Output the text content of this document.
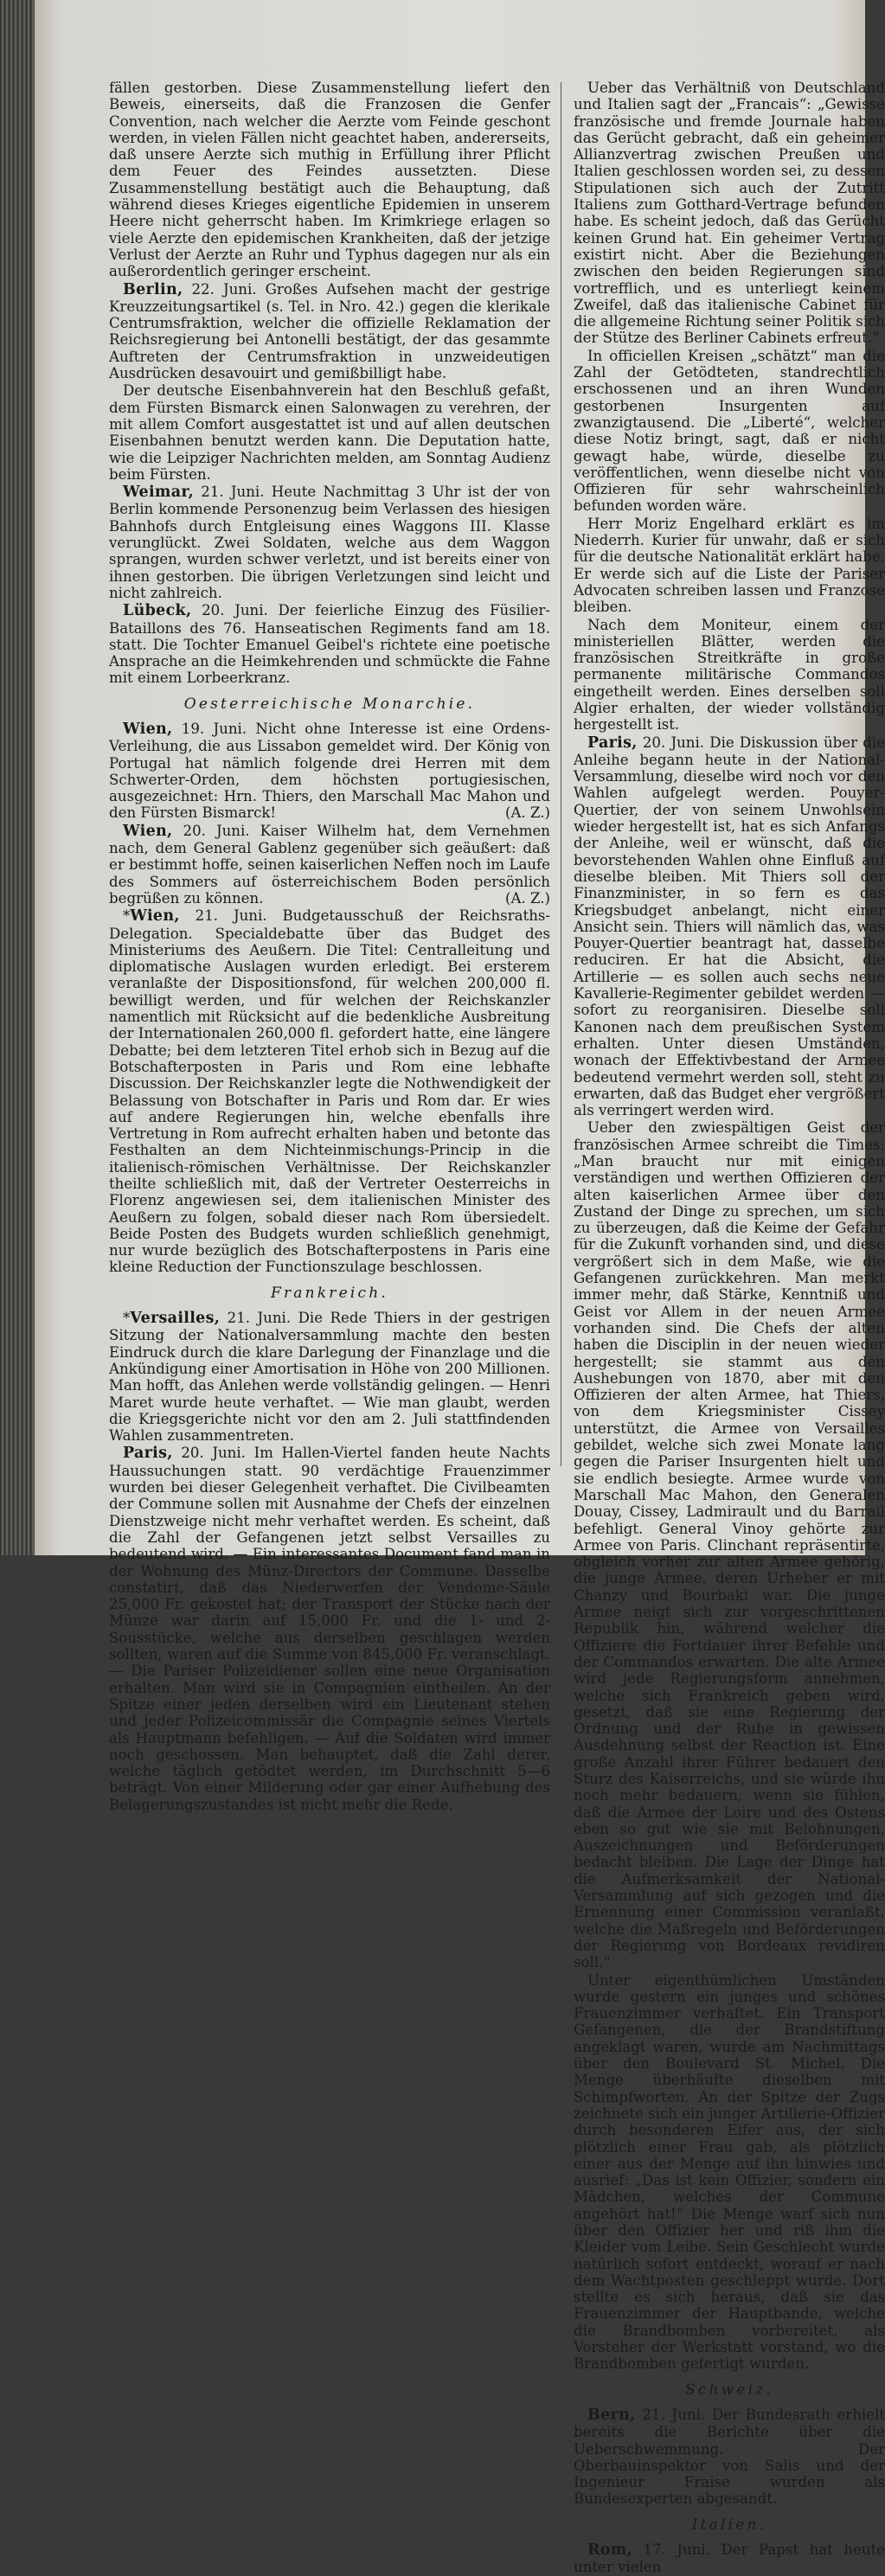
fällen gestorben. Diese Zusammenstellung liefert den Beweis, einerseits, daß die Franzosen die Genfer Convention, nach welcher die Aerzte vom Feinde geschont werden, in vielen Fällen nicht geachtet haben, andererseits, daß unsere Aerzte sich muthig in Erfüllung ihrer Pflicht dem Feuer des Feindes aussetzten. Diese Zusammenstellung bestätigt auch die Behauptung, daß während dieses Krieges eigentliche Epidemien in unserem Heere nicht geherrscht haben. Im Krimkriege erlagen so viele Aerzte den epidemischen Krankheiten, daß der jetzige Verlust der Aerzte an Ruhr und Typhus dagegen nur als ein außerordentlich geringer erscheint.

Berlin, 22. Juni. Großes Aufsehen macht der gestrige Kreuzzeitungsartikel (s. Tel. in Nro. 42.) gegen die klerikale Centrumsfraktion, welcher die offizielle Reklamation der Reichsregierung bei Antonelli bestätigt, der das gesammte Auftreten der Centrumsfraktion in unzweideutigen Ausdrücken desavouirt und gemißbilligt habe.

Der deutsche Eisenbahnverein hat den Beschluß gefaßt, dem Fürsten Bismarck einen Salonwagen zu verehren, der mit allem Comfort ausgestattet ist und auf allen deutschen Eisenbahnen benutzt werden kann. Die Deputation hatte, wie die Leipziger Nachrichten melden, am Sonntag Audienz beim Fürsten.

Weimar, 21. Juni. Heute Nachmittag 3 Uhr ist der von Berlin kommende Personenzug beim Verlassen des hiesigen Bahnhofs durch Entgleisung eines Waggons III. Klasse verunglückt. Zwei Soldaten, welche aus dem Waggon sprangen, wurden schwer verletzt, und ist bereits einer von ihnen gestorben. Die übrigen Verletzungen sind leicht und nicht zahlreich.

Lübeck, 20. Juni. Der feierliche Einzug des Füsilier-Bataillons des 76. Hanseatischen Regiments fand am 18. statt. Die Tochter Emanuel Geibel's richtete eine poetische Ansprache an die Heimkehrenden und schmückte die Fahne mit einem Lorbeerkranz.

Oesterreichische Monarchie.

Wien, 19. Juni. Nicht ohne Interesse ist eine Ordens-Verleihung, die aus Lissabon gemeldet wird. Der König von Portugal hat nämlich folgende drei Herren mit dem Schwerter-Orden, dem höchsten portugiesischen, ausgezeichnet: Hrn. Thiers, den Marschall Mac Mahon und den Fürsten Bismarck!	(A. Z.)

Wien, 20. Juni. Kaiser Wilhelm hat, dem Vernehmen nach, dem General Gablenz gegenüber sich geäußert: daß er bestimmt hoffe, seinen kaiserlichen Neffen noch im Laufe des Sommers auf österreichischem Boden persönlich begrüßen zu können.	(A. Z.)

*Wien, 21. Juni. Budgetausschuß der Reichsraths-Delegation. Specialdebatte über das Budget des Ministeriums des Aeußern. Die Titel: Centralleitung und diplomatische Auslagen wurden erledigt. Bei ersterem veranlaßte der Dispositionsfond, für welchen 200,000 fl. bewilligt werden, und für welchen der Reichskanzler namentlich mit Rücksicht auf die bedenkliche Ausbreitung der Internationalen 260,000 fl. gefordert hatte, eine längere Debatte; bei dem letzteren Titel erhob sich in Bezug auf die Botschafterposten in Paris und Rom eine lebhafte Discussion. Der Reichskanzler legte die Nothwendigkeit der Belassung von Botschafter in Paris und Rom dar. Er wies auf andere Regierungen hin, welche ebenfalls ihre Vertretung in Rom aufrecht erhalten haben und betonte das Festhalten an dem Nichteinmischungs-Princip in die italienisch-römischen Verhältnisse. Der Reichskanzler theilte schließlich mit, daß der Vertreter Oesterreichs in Florenz angewiesen sei, dem italienischen Minister des Aeußern zu folgen, sobald dieser nach Rom übersiedelt. Beide Posten des Budgets wurden schließlich genehmigt, nur wurde bezüglich des Botschafterpostens in Paris eine kleine Reduction der Functionszulage beschlossen.

Frankreich.

*Versailles, 21. Juni. Die Rede Thiers in der gestrigen Sitzung der Nationalversammlung machte den besten Eindruck durch die klare Darlegung der Finanzlage und die Ankündigung einer Amortisation in Höhe von 200 Millionen. Man hofft, das Anlehen werde vollständig gelingen. — Henri Maret wurde heute verhaftet. — Wie man glaubt, werden die Kriegsgerichte nicht vor den am 2. Juli stattfindenden Wahlen zusammentreten.

Paris, 20. Juni. Im Hallen-Viertel fanden heute Nachts Haussuchungen statt. 90 verdächtige Frauenzimmer wurden bei dieser Gelegenheit verhaftet. Die Civilbeamten der Commune sollen mit Ausnahme der Chefs der einzelnen Dienstzweige nicht mehr verhaftet werden. Es scheint, daß die Zahl der Gefangenen jetzt selbst Versailles zu bedeutend wird. — Ein interessantes Document fand man in der Wohnung des Münz-Directors der Commune. Dasselbe constatirt, daß das Niederwerfen der Vendome-Säule 25,000 Fr. gekostet hat; der Transport der Stücke nach der Münze war darin auf 15,000 Fr. und die 1- und 2-Sousstücke, welche aus derselben geschlagen werden sollten, waren auf die Summe von 845,000 Fr. veranschlagt. — Die Pariser Polizeidiener sollen eine neue Organisation erhalten. Man wird sie in Compagnien eintheilen. An der Spitze einer jeden derselben wird ein Lieutenant stehen und jeder Polizeicommissär die Compagnie seines Viertels als Hauptmann befehligen. — Auf die Soldaten wird immer noch geschossen. Man behauptet, daß die Zahl derer, welche täglich getödtet werden, im Durchschnitt 5—6 beträgt. Von einer Milderung oder gar einer Aufhebung des Belagerungszustandes ist nicht mehr die Rede.

Ueber das Verhältniß von Deutschland und Italien sagt der „Francais“: „Gewisse französische und fremde Journale haben das Gerücht gebracht, daß ein geheimer Allianzvertrag zwischen Preußen und Italien geschlossen worden sei, zu dessen Stipulationen sich auch der Zutritt Italiens zum Gotthard-Vertrage befunden habe. Es scheint jedoch, daß das Gerücht keinen Grund hat. Ein geheimer Vertrag existirt nicht. Aber die Beziehungen zwischen den beiden Regierungen sind vortrefflich, und es unterliegt keinem Zweifel, daß das italienische Cabinet für die allgemeine Richtung seiner Politik sich der Stütze des Berliner Cabinets erfreut.“

In officiellen Kreisen „schätzt“ man die Zahl der Getödteten, standrechtlich erschossenen und an ihren Wunden gestorbenen Insurgenten auf zwanzigtausend. Die „Liberté“, welcher diese Notiz bringt, sagt, daß er nicht gewagt habe, würde, dieselbe zu veröffentlichen, wenn dieselbe nicht von Offizieren für sehr wahrscheinlich befunden worden wäre.

Herr Moriz Engelhard erklärt es im Niederrh. Kurier für unwahr, daß er sich für die deutsche Nationalität erklärt habe. Er werde sich auf die Liste der Pariser Advocaten schreiben lassen und Franzose bleiben.

Nach dem Moniteur, einem der ministeriellen Blätter, werden die französischen Streitkräfte in große permanente militärische Commandos eingetheilt werden. Eines derselben soll Algier erhalten, der wieder vollständig hergestellt ist.

Paris, 20. Juni. Die Diskussion über die Anleihe begann heute in der National-Versammlung, dieselbe wird noch vor den Wahlen aufgelegt werden. Pouyer-Quertier, der von seinem Unwohlsein wieder hergestellt ist, hat es sich Anfangs der Anleihe, weil er wünscht, daß die bevorstehenden Wahlen ohne Einfluß auf dieselbe bleiben. Mit Thiers soll der Finanzminister, in so fern es das Kriegsbudget anbelangt, nicht einer Ansicht sein. Thiers will nämlich das, was Pouyer-Quertier beantragt hat, dasselbe reduciren. Er hat die Absicht, die Artillerie — es sollen auch sechs neue Kavallerie-Regimenter gebildet werden — sofort zu reorganisiren. Dieselbe soll Kanonen nach dem preußischen System erhalten. Unter diesen Umständen, wonach der Effektivbestand der Armee bedeutend vermehrt werden soll, steht zu erwarten, daß das Budget eher vergrößert als verringert werden wird.

Ueber den zwiespältigen Geist der französischen Armee schreibt die Times: „Man braucht nur mit einigen verständigen und werthen Offizieren der alten kaiserlichen Armee über den Zustand der Dinge zu sprechen, um sich zu überzeugen, daß die Keime der Gefahr für die Zukunft vorhanden sind, und diese vergrößert sich in dem Maße, wie die Gefangenen zurückkehren. Man merkt immer mehr, daß Stärke, Kenntniß und Geist vor Allem in der neuen Armee vorhanden sind. Die Chefs der alten haben die Disciplin in der neuen wieder hergestellt; sie stammt aus den Aushebungen von 1870, aber mit den Offizieren der alten Armee, hat Thiers, von dem Kriegsminister Cissey unterstützt, die Armee von Versailles gebildet, welche sich zwei Monate lang gegen die Pariser Insurgenten hielt und sie endlich besiegte. Armee wurde von Marschall Mac Mahon, den Generalen Douay, Cissey, Ladmirault und du Barrail befehligt. General Vinoy gehörte zur Armee von Paris. Clinchant repräsentirte, obgleich vorher zur alten Armee gehörig, die junge Armee, deren Urheber er mit Chanzy und Bourbaki war. Die junge Armee neigt sich zur vorgeschrittenen Republik hin, während welcher die Offiziere die Fortdauer ihrer Befehle und der Commandos erwarten. Die alte Armee wird jede Regierungsform annehmen, welche sich Frankreich geben wird, gesetzt, daß sie eine Regierung der Ordnung und der Ruhe in gewissen Ausdehnung selbst der Reaction ist. Eine große Anzahl ihrer Führer bedauert den Sturz des Kaiserreichs, und sie würde ihn noch mehr bedauern, wenn sie fühlen, daß die Armee der Loire und des Ostens eben so gut wie sie mit Belohnungen, Auszeichnungen und Beförderungen bedacht bleiben. Die Lage der Dinge hat die Aufmerksamkeit der National-Versammlung auf sich gezogen und die Ernennung einer Commission veranlaßt, welche die Maßregeln und Beförderungen der Regierung von Bordeaux revidiren soll.“

Unter eigenthümlichen Umständen wurde gestern ein junges und schönes Frauenzimmer verhaftet. Ein Transport Gefangenen, die der Brandstiftung angeklagt waren, wurde am Nachmittags über den Boulevard St. Michel. Die Menge überhäufte dieselben mit Schimpfworten. An der Spitze der Zugs zeichnete sich ein junger Artillerie-Offizier durch besonderen Eifer aus, der sich plötzlich einer Frau gab, als plötzlich einer aus der Menge auf ihn hinwies und ausrief: „Das ist kein Offizier, sondern ein Mädchen, welches der Commune angehört hat!“ Die Menge warf sich nun über den Offizier her und riß ihm die Kleider vom Leibe. Sein Geschlecht wurde natürlich sofort entdeckt, worauf er nach dem Wachtposten geschleppt wurde. Dort stellte es sich heraus, daß sie das Frauenzimmer der Hauptbande, welche die Brandbomben vorbereitet, als Vorsteher der Werkstatt vorstand, wo die Brandbomben gefertigt wurden.

Schweiz.

Bern, 21. Juni. Der Bundesrath erhielt bereits die Berichte über die Ueberschwemmung. Der Oberbauinspektor von Salis und der Ingenieur Fraise wurden als Bundesexperten abgesandt.

Italien.

Rom, 17. Juni. Der Papst hat heute unter vielen
